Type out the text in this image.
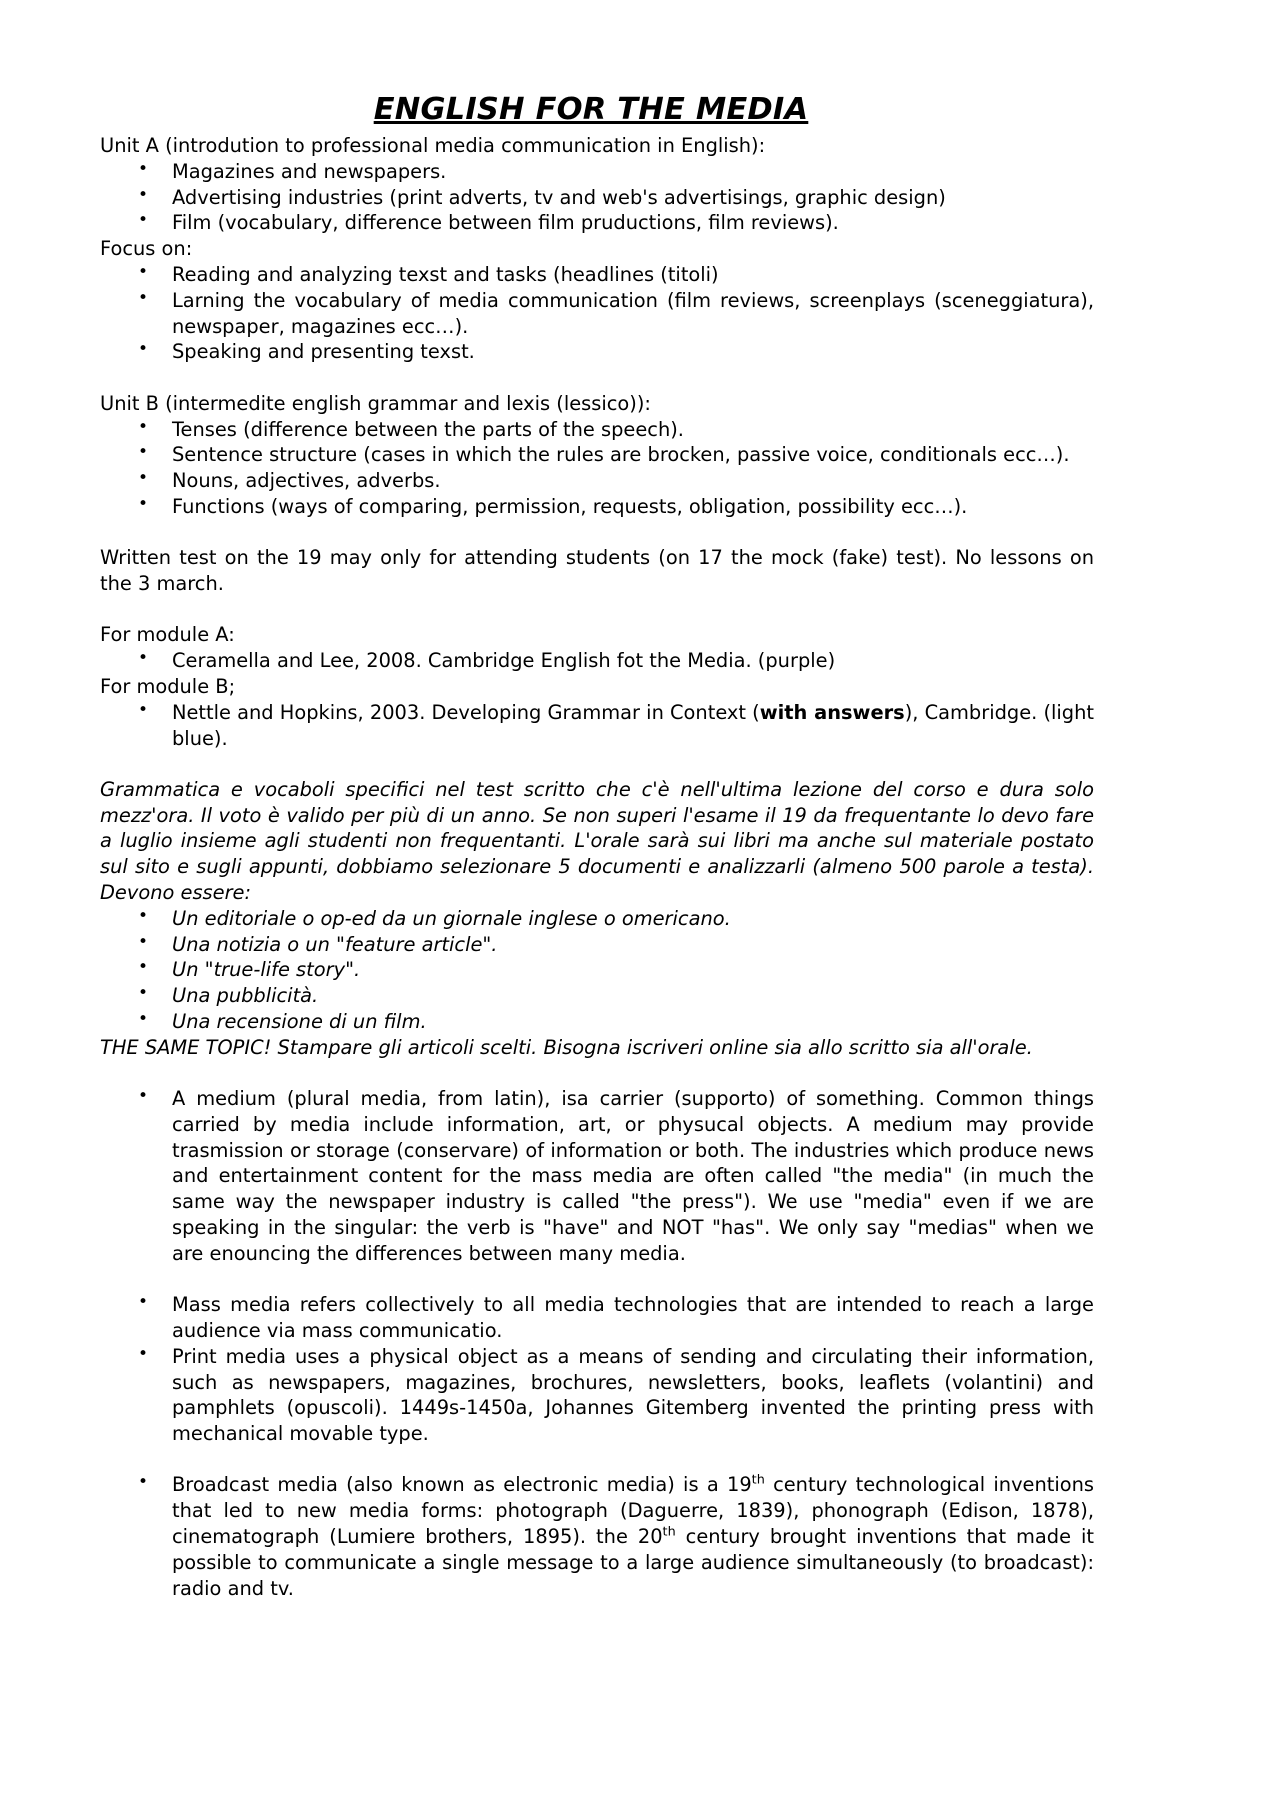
ENGLISH FOR THE MEDIA

Unit A (introdution to professional media communication in English):

• Magazines and newspapers.
• Advertising industries (print adverts, tv and web's advertisings, graphic design)
• Film (vocabulary, difference between film pruductions, film reviews).

Focus on:

• Reading and analyzing texst and tasks (headlines (titoli)
• Larning the vocabulary of media communication (film reviews, screenplays (sceneggiatura), newspaper, magazines ecc…).
• Speaking and presenting texst.

Unit B (intermedite english grammar and lexis (lessico)):

• Tenses (difference between the parts of the speech).
• Sentence structure (cases in which the rules are brocken, passive voice, conditionals ecc…).
• Nouns, adjectives, adverbs.
• Functions (ways of comparing, permission, requests, obligation, possibility ecc…).

Written test on the 19 may only for attending students (on 17 the mock (fake) test). No lessons on the 3 march.

For module A:

• Ceramella and Lee, 2008. Cambridge English fot the Media. (purple)

For module B;

• Nettle and Hopkins, 2003. Developing Grammar in Context (with answers), Cambridge. (light blue).

Grammatica e vocaboli specifici nel test scritto che c'è nell'ultima lezione del corso e dura solo mezz'ora. Il voto è valido per più di un anno. Se non superi l'esame il 19 da frequentante lo devo fare a luglio insieme agli studenti non frequentanti. L'orale sarà sui libri ma anche sul materiale postato sul sito e sugli appunti, dobbiamo selezionare 5 documenti e analizzarli (almeno 500 parole a testa). Devono essere:

• Un editoriale o op-ed da un giornale inglese o omericano.
• Una notizia o un "feature article".
• Un "true-life story".
• Una pubblicità.
• Una recensione di un film.

THE SAME TOPIC! Stampare gli articoli scelti. Bisogna iscriveri online sia allo scritto sia all'orale.

• A medium (plural media, from latin), isa carrier (supporto) of something. Common things carried by media include information, art, or physucal objects. A medium may provide trasmission or storage (conservare) of information or both. The industries which produce news and entertainment content for the mass media are often called "the media" (in much the same way the newspaper industry is called "the press"). We use "media" even if we are speaking in the singular: the verb is "have" and NOT "has". We only say "medias" when we are enouncing the differences between many media.
• Mass media refers collectively to all media technologies that are intended to reach a large audience via mass communicatio.
• Print media uses a physical object as a means of sending and circulating their information, such as newspapers, magazines, brochures, newsletters, books, leaflets (volantini) and pamphlets (opuscoli). 1449s-1450a, Johannes Gitemberg invented the printing press with mechanical movable type.
• Broadcast media (also known as electronic media) is a 19th century technological inventions that led to new media forms: photograph (Daguerre, 1839), phonograph (Edison, 1878), cinematograph (Lumiere brothers, 1895). the 20th century brought inventions that made it possible to communicate a single message to a large audience simultaneously (to broadcast): radio and tv.
